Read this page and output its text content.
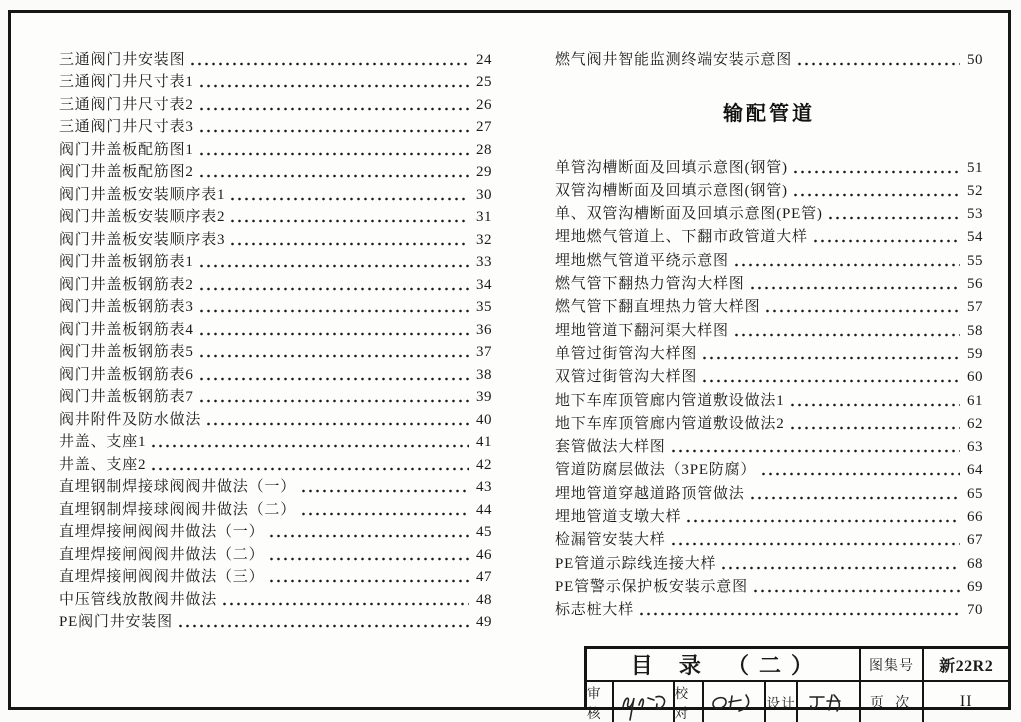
三通阀门井安装图	24
三通阀门井尺寸表1	25
三通阀门井尺寸表2	26
三通阀门井尺寸表3	27
阀门井盖板配筋图1	28
阀门井盖板配筋图2	29
阀门井盖板安装顺序表1	30
阀门井盖板安装顺序表2	31
阀门井盖板安装顺序表3	32
阀门井盖板钢筋表1	33
阀门井盖板钢筋表2	34
阀门井盖板钢筋表3	35
阀门井盖板钢筋表4	36
阀门井盖板钢筋表5	37
阀门井盖板钢筋表6	38
阀门井盖板钢筋表7	39
阀井附件及防水做法	40
井盖、支座1	41
井盖、支座2	42
直埋钢制焊接球阀阀井做法（一）	43
直埋钢制焊接球阀阀井做法（二）	44
直埋焊接闸阀阀井做法（一）	45
直埋焊接闸阀阀井做法（二）	46
直埋焊接闸阀阀井做法（三）	47
中压管线放散阀井做法	48
PE阀门井安装图	49
燃气阀井智能监测终端安装示意图	50
输配管道
单管沟槽断面及回填示意图(钢管)	51
双管沟槽断面及回填示意图(钢管)	52
单、双管沟槽断面及回填示意图(PE管)	53
埋地燃气管道上、下翻市政管道大样	54
埋地燃气管道平绕示意图	55
燃气管下翻热力管沟大样图	56
燃气管下翻直埋热力管大样图	57
埋地管道下翻河渠大样图	58
单管过街管沟大样图	59
双管过街管沟大样图	60
地下车库顶管廊内管道敷设做法1	61
地下车库顶管廊内管道敷设做法2	62
套管做法大样图	63
管道防腐层做法（3PE防腐）	64
埋地管道穿越道路顶管做法	65
埋地管道支墩大样	66
检漏管安装大样	67
PE管道示踪线连接大样	68
PE管警示保护板安装示意图	69
标志桩大样	70
目 录 （二）	图集号	新22R2
审核
校对
设计	页 次	II
